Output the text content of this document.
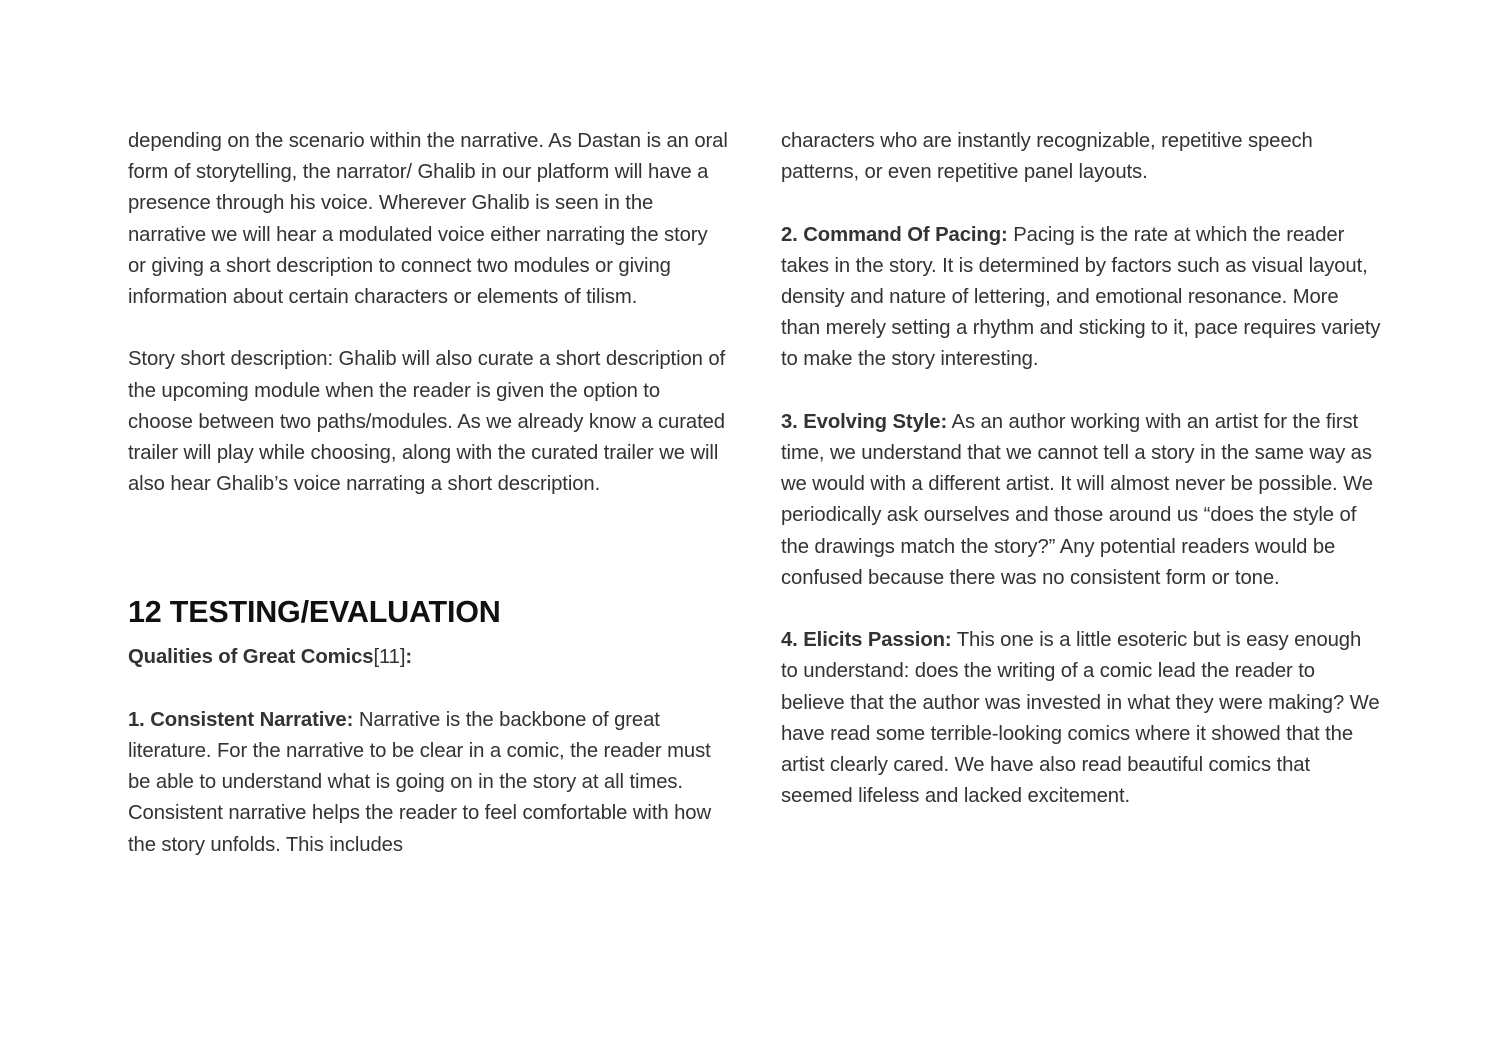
depending on the scenario within the narrative. As Dastan is an oral form of storytelling, the narrator/ Ghalib in our platform will have a presence through his voice. Wherever Ghalib is seen in the narrative we will hear a modulated voice either narrating the story or giving a short description to connect two modules or giving information about certain characters or elements of tilism.

Story short description: Ghalib will also curate a short description of the upcoming module when the reader is given the option to choose between two paths/modules. As we already know a curated trailer will play while choosing, along with the curated trailer we will also hear Ghalib’s voice narrating a short description.

12 TESTING/EVALUATION

Qualities of Great Comics[11]:

1. Consistent Narrative: Narrative is the backbone of great literature. For the narrative to be clear in a comic, the reader must be able to understand what is going on in the story at all times. Consistent narrative helps the reader to feel comfortable with how the story unfolds. This includes

characters who are instantly recognizable, repetitive speech patterns, or even repetitive panel layouts.

2. Command Of Pacing: Pacing is the rate at which the reader takes in the story. It is determined by factors such as visual layout, density and nature of lettering, and emotional resonance. More than merely setting a rhythm and sticking to it, pace requires variety to make the story interesting.

3. Evolving Style: As an author working with an artist for the first time, we understand that we cannot tell a story in the same way as we would with a different artist. It will almost never be possible. We periodically ask ourselves and those around us “does the style of the drawings match the story?” Any potential readers would be confused because there was no consistent form or tone.

4. Elicits Passion: This one is a little esoteric but is easy enough to understand: does the writing of a comic lead the reader to believe that the author was invested in what they were making? We have read some terrible-looking comics where it showed that the artist clearly cared. We have also read beautiful comics that seemed lifeless and lacked excitement.
